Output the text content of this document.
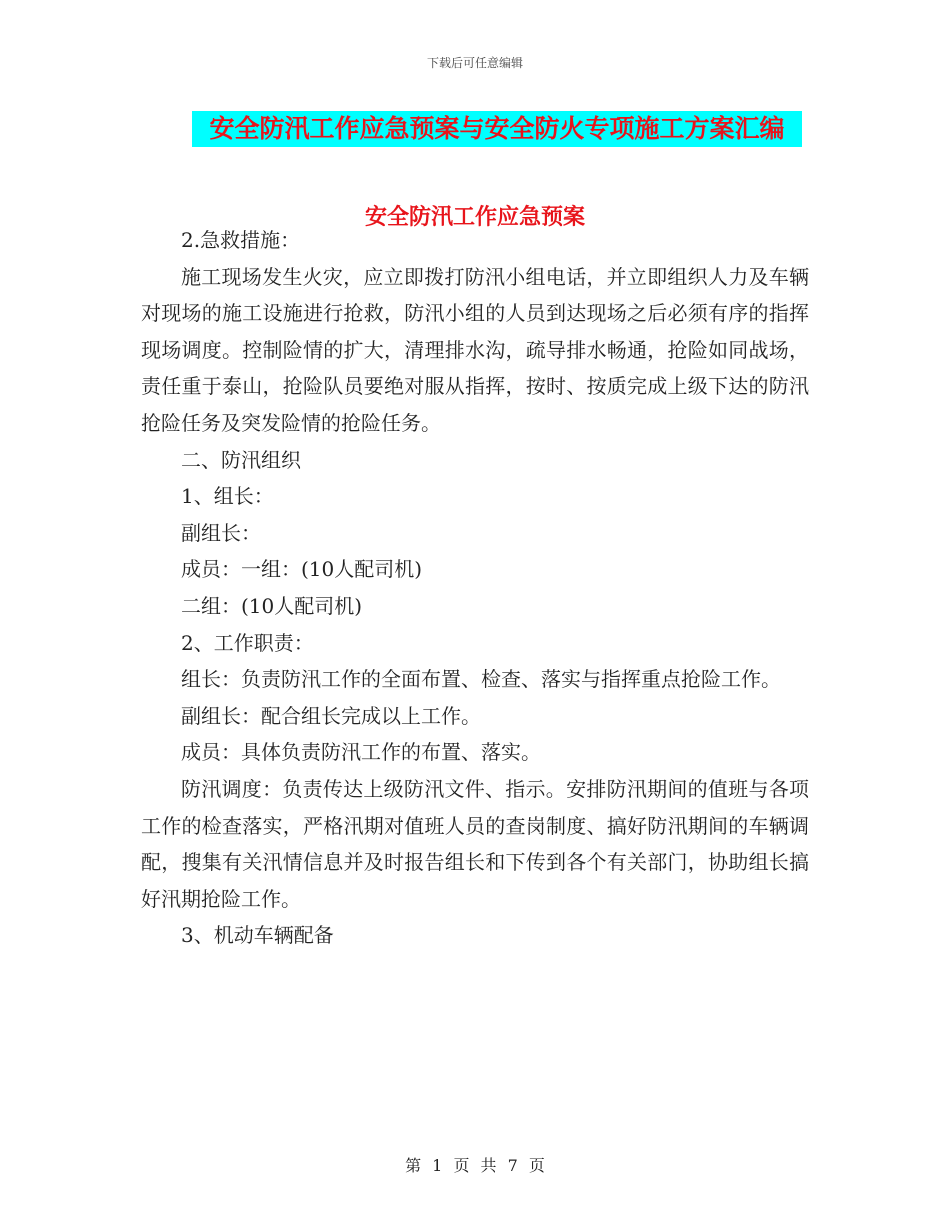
下载后可任意编辑
安全防汛工作应急预案与安全防火专项施工方案汇编
安全防汛工作应急预案

2.急救措施：

施工现场发生火灾，应立即拨打防汛小组电话，并立即组织人力及车辆对现场的施工设施进行抢救，防汛小组的人员到达现场之后必须有序的指挥现场调度。控制险情的扩大，清理排水沟，疏导排水畅通，抢险如同战场，责任重于泰山，抢险队员要绝对服从指挥，按时、按质完成上级下达的防汛抢险任务及突发险情的抢险任务。

二、防汛组织

1、组长：

副组长：

成员：一组：(10人配司机)

二组：(10人配司机)

2、工作职责：

组长：负责防汛工作的全面布置、检查、落实与指挥重点抢险工作。

副组长：配合组长完成以上工作。

成员：具体负责防汛工作的布置、落实。

防汛调度：负责传达上级防汛文件、指示。安排防汛期间的值班与各项工作的检查落实，严格汛期对值班人员的查岗制度、搞好防汛期间的车辆调配，搜集有关汛情信息并及时报告组长和下传到各个有关部门，协助组长搞好汛期抢险工作。

3、机动车辆配备

第 1 页 共 7 页
